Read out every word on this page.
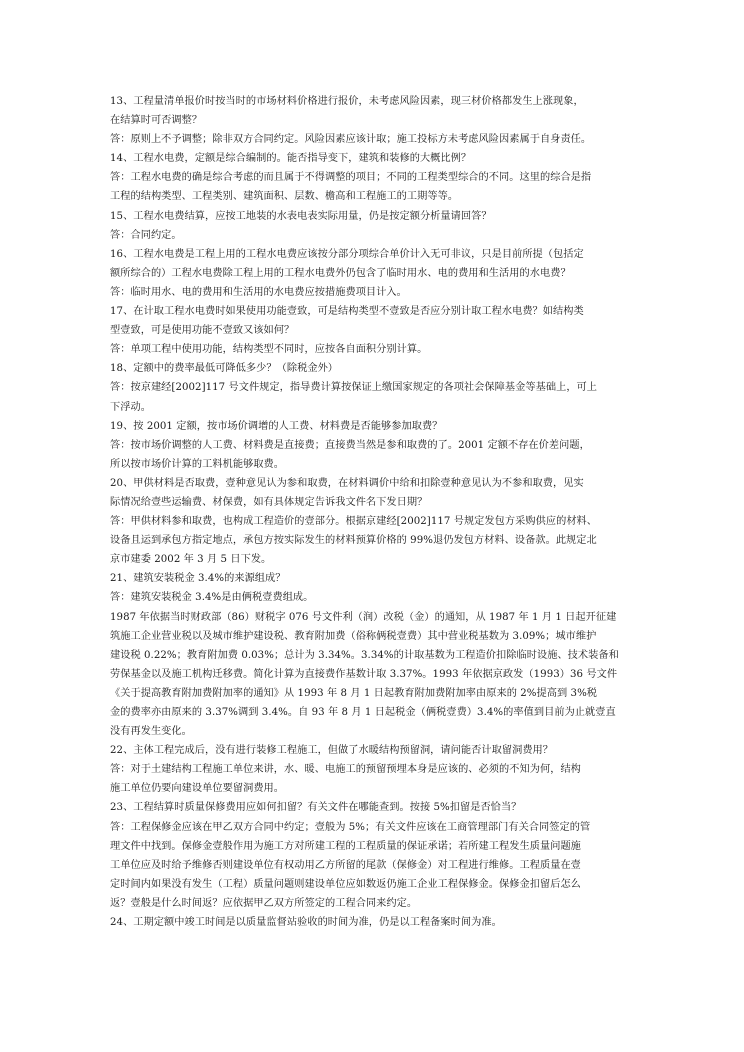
13、工程量清单报价时按当时的市场材料价格进行报价，未考虑风险因素，现三材价格都发生上涨现象，
在结算时可否调整？
答：原则上不予调整；除非双方合同约定。风险因素应该计取；施工投标方未考虑风险因素属于自身责任。
14、工程水电费，定额是综合编制的。能否指导变下，建筑和装修的大概比例？
答：工程水电费的确是综合考虑的而且属于不得调整的项目；不同的工程类型综合的不同。这里的综合是指
工程的结构类型、工程类别、建筑面积、层数、檐高和工程施工的工期等等。
15、工程水电费结算，应按工地装的水表电表实际用量，仍是按定额分析量请回答？
答：合同约定。
16、工程水电费是工程上用的工程水电费应该按分部分项综合单价计入无可非议，只是目前所提（包括定
额所综合的）工程水电费除工程上用的工程水电费外仍包含了临时用水、电的费用和生活用的水电费？
答：临时用水、电的费用和生活用的水电费应按措施费项目计入。
17、在计取工程水电费时如果使用功能壹致，可是结构类型不壹致是否应分别计取工程水电费？如结构类
型壹致，可是使用功能不壹致又该如何？
答：单项工程中使用功能，结构类型不同时，应按各自面积分别计算。
18、定额中的费率最低可降低多少？（除税金外）
答：按京建经[2002]117 号文件规定，指导费计算按保证上缴国家规定的各项社会保障基金等基础上，可上
下浮动。
19、按 2001 定额，按市场价调增的人工费、材料费是否能够参加取费？
答：按市场价调整的人工费、材料费是直接费；直接费当然是参和取费的了。2001 定额不存在价差问题，
所以按市场价计算的工料机能够取费。
20、甲供材料是否取费，壹种意见认为参和取费，在材料调价中给和扣除壹种意见认为不参和取费，见实
际情况给壹些运输费、材保费，如有具体规定告诉我文件名下发日期？
答：甲供材料参和取费，也构成工程造价的壹部分。根据京建经[2002]117 号规定发包方采购供应的材料、
设备且运到承包方指定地点，承包方按实际发生的材料预算价格的 99%退仍发包方材料、设备款。此规定北
京市建委 2002 年 3 月 5 日下发。
21、建筑安装税金 3.4%的来源组成？
答：建筑安装税金 3.4%是由俩税壹费组成。
1987 年依据当时财政部（86）财税字 076 号文件利（润）改税（金）的通知，从 1987 年 1 月 1 日起开征建
筑施工企业营业税以及城市维护建设税、教育附加费（俗称俩税壹费）其中营业税基数为 3.09%；城市维护
建设税 0.22%；教育附加费 0.03%；总计为 3.34%。3.34%的计取基数为工程造价扣除临时设施、技术装备和
劳保基金以及施工机构迁移费。简化计算为直接费作基数计取 3.37%。1993 年依据京政发（1993）36 号文件
《关于提高教育附加费附加率的通知》从 1993 年 8 月 1 日起教育附加费附加率由原来的 2%提高到 3%税
金的费率亦由原来的 3.37%调到 3.4%。自 93 年 8 月 1 日起税金（俩税壹费）3.4%的率值到目前为止就壹直
没有再发生变化。
22、主体工程完成后，没有进行装修工程施工，但做了水暖结构预留洞，请问能否计取留洞费用？
答：对于土建结构工程施工单位来讲，水、暖、电施工的预留预埋本身是应该的、必须的不知为何，结构
施工单位仍要向建设单位要留洞费用。
23、工程结算时质量保修费用应如何扣留？有关文件在哪能查到。按接 5%扣留是否恰当？
答：工程保修金应该在甲乙双方合同中约定；壹般为 5%；有关文件应该在工商管理部门有关合同签定的管
理文件中找到。保修金壹般作用为施工方对所建工程的工程质量的保证承诺；若所建工程发生质量问题施
工单位应及时给予维修否则建设单位有权动用乙方所留的尾款（保修金）对工程进行维修。工程质量在壹
定时间内如果没有发生（工程）质量问题则建设单位应如数返仍施工企业工程保修金。保修金扣留后怎么
返？壹般是什么时间返？应依据甲乙双方所签定的工程合同来约定。
24、工期定额中竣工时间是以质量监督站验收的时间为准，仍是以工程备案时间为准。
